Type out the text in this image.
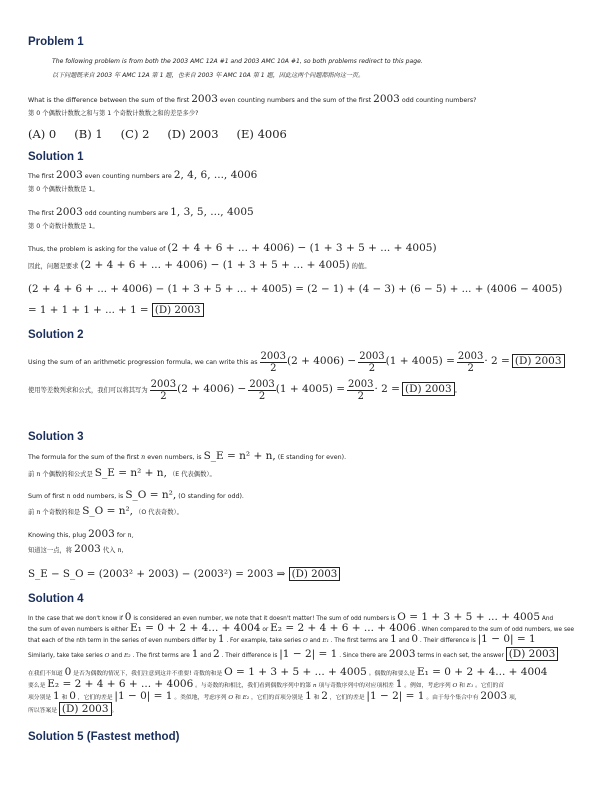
Problem 1
The following problem is from both the 2003 AMC 12A #1 and 2003 AMC 10A #1, so both problems redirect to this page.
以下问题既来自 2003 年 AMC 12A 第 1 题，也来自 2003 年 AMC 10A 第 1 题，因此这两个问题都指向这一页。
What is the difference between the sum of the first 2003 even counting numbers and the sum of the first 2003 odd counting numbers?
第 0 个偶数计数数之和与第 1 个奇数计数数之和的差是多少?
(A) 0 (B) 1 (C) 2 (D) 2003 (E) 4006
Solution 1
The first 2003 even counting numbers are 2, 4, 6, ..., 4006
第 0 个偶数计数数是 1。
The first 2003 odd counting numbers are 1, 3, 5, ..., 4005
第 0 个奇数计数数是 1。
Thus, the problem is asking for the value of (2 + 4 + 6 + ... + 4006) − (1 + 3 + 5 + ... + 4005)
因此，问题是要求 (2 + 4 + 6 + ... + 4006) − (1 + 3 + 5 + ... + 4005) 的值。
(2 + 4 + 6 + ... + 4006) − (1 + 3 + 5 + ... + 4005) = (2 − 1) + (4 − 3) + (6 − 5) + ... + (4006 − 4005)
= 1 + 1 + 1 + ... + 1 = (D) 2003
Solution 2
Using the sum of an arithmetic progression formula, we can write this as $\frac{2003}{2} (2 + 4006) - \frac{2003}{2} (1 + 4005) = \frac{2003}{2} \cdot 2 = (D)$ 2003
使用等差数列求和公式，我们可以将其写为 $\frac{2003}{2} (2 + 4006) - \frac{2003}{2} (1 + 4005) = \frac{2003}{2} \cdot 2 = (D)$ 2003 。
Solution 3
The formula for the sum of the first n even numbers, is S_E = n² + n, (E standing for even).
前 n 个偶数的和公式是 S_E = n² + n, （E 代表偶数）。
Sum of first n odd numbers, is S_O = n², (O standing for odd).
前 n 个奇数的和是 S_O = n², （O 代表奇数）。
Knowing this, plug 2003 for n,
知道这一点，将 2003 代入 n，
S_E − S_O = (2003² + 2003) − (2003²) = 2003 ⇒ (D) 2003
Solution 4
In the case that we don't know if 0 is considered an even number, we note that it doesn't matter! The sum of odd numbers is O = 1 + 3 + 5 + ... + 4005 And
the sum of even numbers is either E₁ = 0 + 2 + 4... + 4004 or E₂ = 2 + 4 + 6 + ... + 4006 . When compared to the sum of odd numbers, we see
that each of the nth term in the series of even numbers differ by 1 . For example, take series O and E₁ . The first terms are 1 and 0 . Their difference is |1 − 0| = 1
Similarly, take take series O and E₂ . The first terms are 1 and 2 . Their difference is |1 − 2| = 1 . Since there are 2003 terms in each set, the answer (D) 2003
在我们不知道 0 是否为偶数的情况下，我们注意到这并不重要! 奇数的和是 O = 1 + 3 + 5 + ... + 4005 。偶数的和要么是 E₁ = 0 + 2 + 4... + 4004
要么是 E₂ = 2 + 4 + 6 + ... + 4006 。与奇数的和相比，我们看到偶数序列中的第 n 项与奇数序列中的对应项相差 1 。例如，考虑序列 O 和 E₁ 。它们的首
项分别是 1 和 0 ，它们的差是 |1 − 0| = 1 。类似地，考虑序列 O 和 E₂ ，它们的首项分别是 1 和 2 ，它们的差是 |1 − 2| = 1 。由于每个集合中有 2003 项，
所以答案是 (D) 2003 。
Solution 5 (Fastest method)
